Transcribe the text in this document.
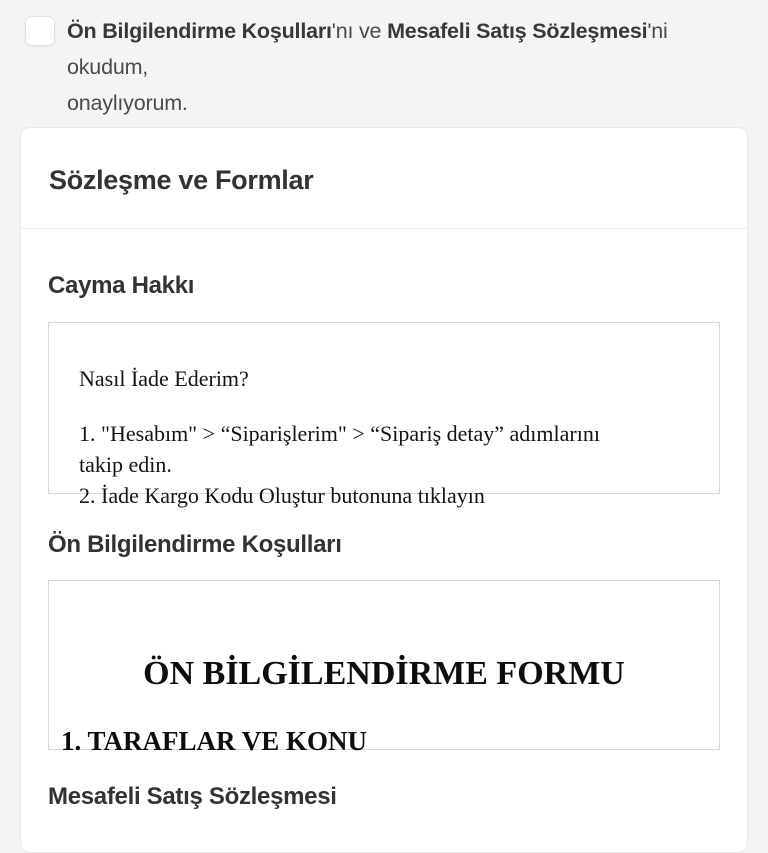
Ön Bilgilendirme Koşulları'nı ve Mesafeli Satış Sözleşmesi'ni okudum,
onaylıyorum.
Sözleşme ve Formlar
Cayma Hakkı
Nasıl İade Ederim?
1. "Hesabım" > “Siparişlerim" > “Sipariş detay” adımlarını
takip edin.
2. İade Kargo Kodu Oluştur butonuna tıklayın
Ön Bilgilendirme Koşulları
ÖN BİLGİLENDİRME FORMU
1. TARAFLAR VE KONU
Mesafeli Satış Sözleşmesi
